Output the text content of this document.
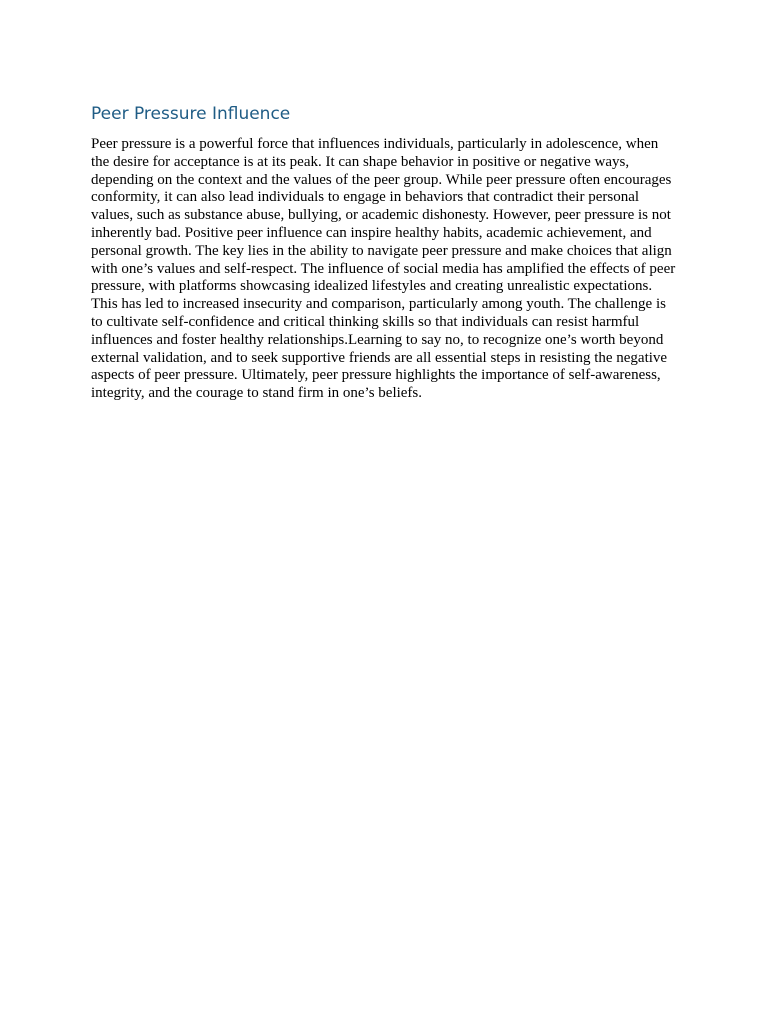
Peer Pressure Influence

Peer pressure is a powerful force that influences individuals, particularly in adolescence, when the desire for acceptance is at its peak. It can shape behavior in positive or negative ways, depending on the context and the values of the peer group. While peer pressure often encourages conformity, it can also lead individuals to engage in behaviors that contradict their personal values, such as substance abuse, bullying, or academic dishonesty. However, peer pressure is not inherently bad. Positive peer influence can inspire healthy habits, academic achievement, and personal growth. The key lies in the ability to navigate peer pressure and make choices that align with one’s values and self-respect. The influence of social media has amplified the effects of peer pressure, with platforms showcasing idealized lifestyles and creating unrealistic expectations. This has led to increased insecurity and comparison, particularly among youth. The challenge is to cultivate self-confidence and critical thinking skills so that individuals can resist harmful influences and foster healthy relationships.Learning to say no, to recognize one’s worth beyond external validation, and to seek supportive friends are all essential steps in resisting the negative aspects of peer pressure. Ultimately, peer pressure highlights the importance of self-awareness, integrity, and the courage to stand firm in one’s beliefs.
